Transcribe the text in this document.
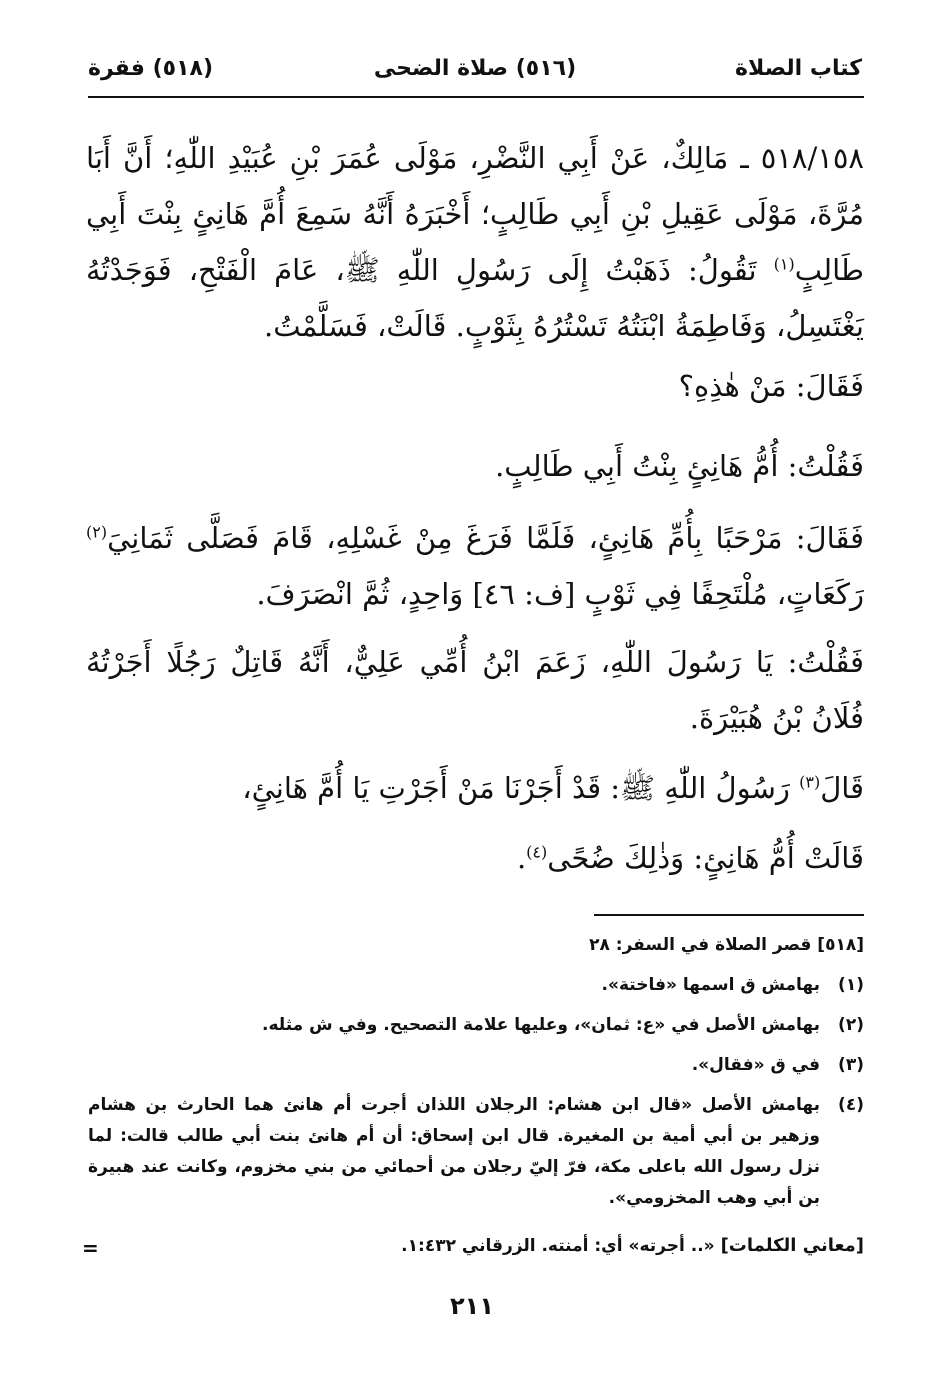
كتاب الصلاة
(٥١٦) صلاة الضحى
(٥١٨) فقرة

٥١٨/١٥٨ ـ مَالِكٌ، عَنْ أَبِي النَّضْرِ، مَوْلَى عُمَرَ بْنِ عُبَيْدِ اللّٰهِ؛ أَنَّ أَبَا مُرَّةَ، مَوْلَى عَقِيلِ بْنِ أَبِي طَالِبٍ؛ أَخْبَرَهُ أَنَّهُ سَمِعَ أُمَّ هَانِئٍ بِنْتَ أَبِي طَالِبٍ$^{(١)}$ تَقُولُ: ذَهَبْتُ إِلَى رَسُولِ اللّٰهِ ﷺ، عَامَ الْفَتْحِ، فَوَجَدْتُهُ يَغْتَسِلُ، وَفَاطِمَةُ ابْنَتُهُ تَسْتُرُهُ بِثَوْبٍ. قَالَتْ، فَسَلَّمْتُ.

فَقَالَ: مَنْ هٰذِهِ؟

فَقُلْتُ: أُمُّ هَانِئٍ بِنْتُ أَبِي طَالِبٍ.

فَقَالَ: مَرْحَبًا بِأُمِّ هَانِئٍ، فَلَمَّا فَرَغَ مِنْ غَسْلِهِ، قَامَ فَصَلَّى ثَمَانِيَ$^{(٢)}$ رَكَعَاتٍ، مُلْتَحِفًا فِي ثَوْبٍ [ف: ٤٦] وَاحِدٍ، ثُمَّ انْصَرَفَ.

فَقُلْتُ: يَا رَسُولَ اللّٰهِ، زَعَمَ ابْنُ أُمِّي عَلِيٌّ، أَنَّهُ قَاتِلٌ رَجُلًا أَجَرْتُهُ فُلَانُ بْنُ هُبَيْرَةَ.

قَالَ$^{(٣)}$ رَسُولُ اللّٰهِ ﷺ: قَدْ أَجَرْنَا مَنْ أَجَرْتِ يَا أُمَّ هَانِئٍ،

قَالَتْ أُمُّ هَانِئٍ: وَذٰلِكَ ضُحًى$^{(٤)}$.

[٥١٨] قصر الصلاة في السفر: ٢٨

(١)بهامش ق اسمها «فاختة».

(٢)بهامش الأصل في «ع: ثمان»، وعليها علامة التصحيح. وفي ش مثله.

(٣)في ق «فقال».

(٤)
بهامش الأصل «قال ابن هشام: الرجلان اللذان أجرت أم هانئ هما الحارث بن هشام وزهير بن أبي أمية بن المغيرة. قال ابن إسحاق: أن أم هانئ بنت أبي طالب قالت: لما نزل رسول الله باعلى مكة، فرّ إليّ رجلان من أحمائي من بني مخزوم، وكانت عند هبيرة بن أبي وهب المخزومي».

[معاني الكلمات] «.. أجرته» أي: أمنته. الزرقاني ١:٤٣٢.

=
٢١١
